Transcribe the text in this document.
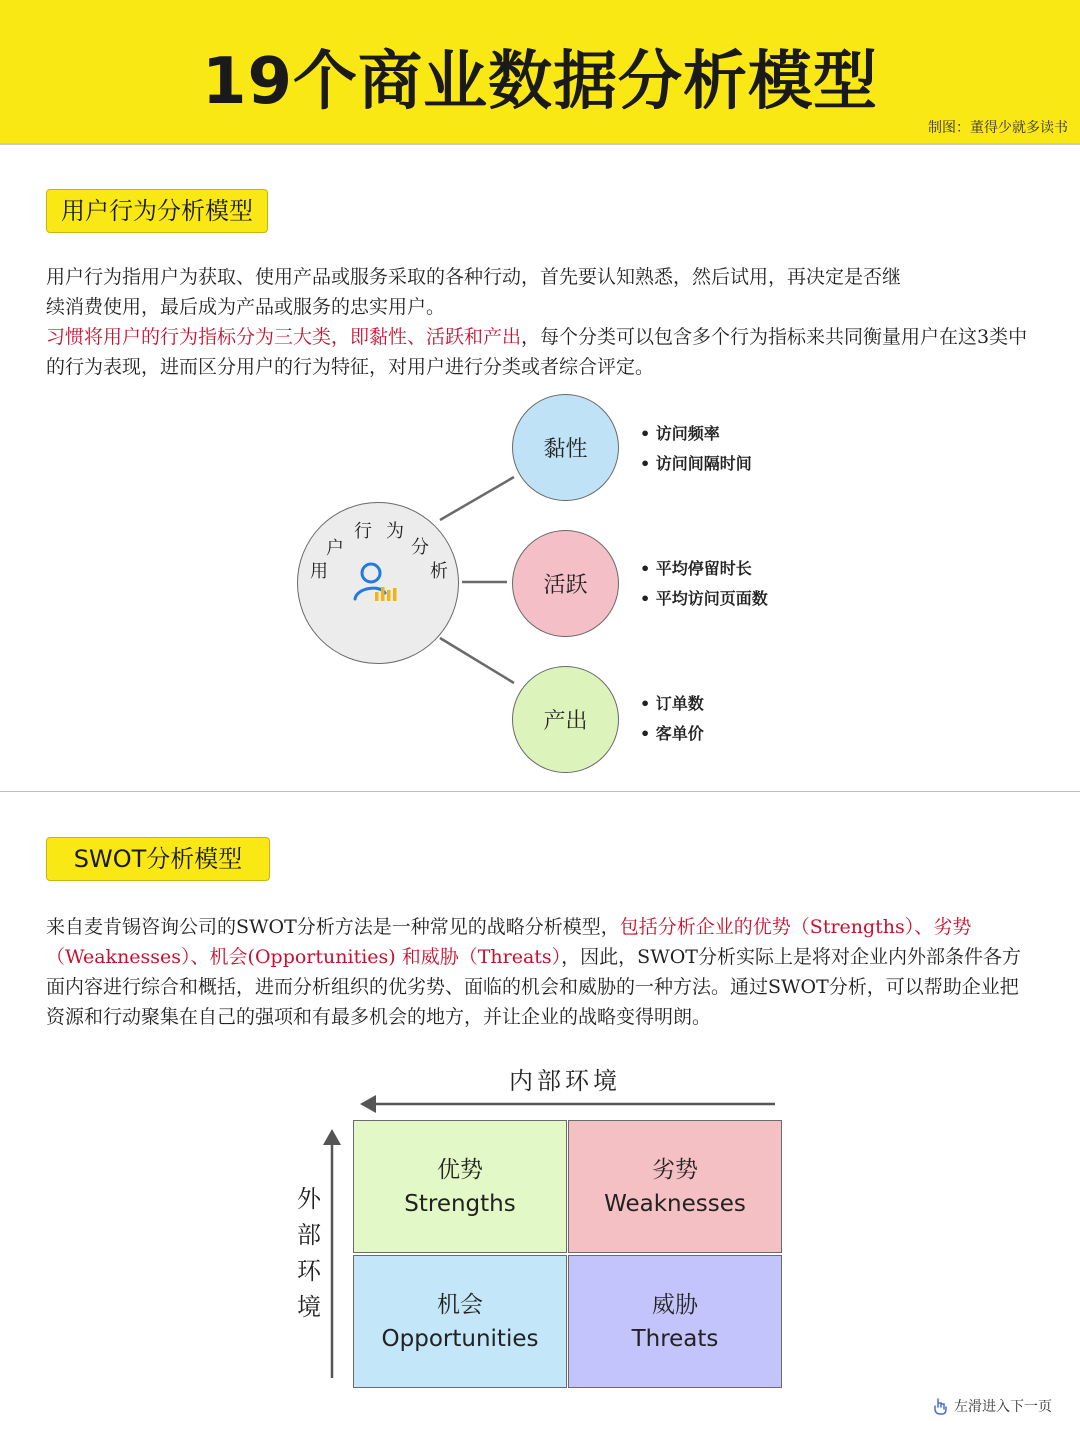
19个商业数据分析模型
制图：董得少就多读书
用户行为分析模型
用户行为指用户为获取、使用产品或服务采取的各种行动，首先要认知熟悉，然后试用，再决定是否继
续消费使用，最后成为产品或服务的忠实用户。
习惯将用户的行为指标分为三大类，即黏性、活跃和产出，每个分类可以包含多个行为指标来共同衡量用户在这3类中的行为表现，进而区分用户的行为特征，对用户进行分类或者综合评定。
用
户
行 为
分
析
黏性
活跃
产出
• 访问频率
• 访问间隔时间
• 平均停留时长
• 平均访问页面数
• 订单数
• 客单价
SWOT分析模型
来自麦肯锡咨询公司的SWOT分析方法是一种常见的战略分析模型，包括分析企业的优势（Strengths）、劣势（Weaknesses）、机会(Opportunities) 和威胁（Threats），因此，SWOT分析实际上是将对企业内外部条件各方面内容进行综合和概括，进而分析组织的优劣势、面临的机会和威胁的一种方法。通过SWOT分析，可以帮助企业把资源和行动聚集在自己的强项和有最多机会的地方，并让企业的战略变得明朗。
内部环境
外
部
环
境
优势
Strengths
劣势
Weaknesses
机会
Opportunities
威胁
Threats
左滑进入下一页
